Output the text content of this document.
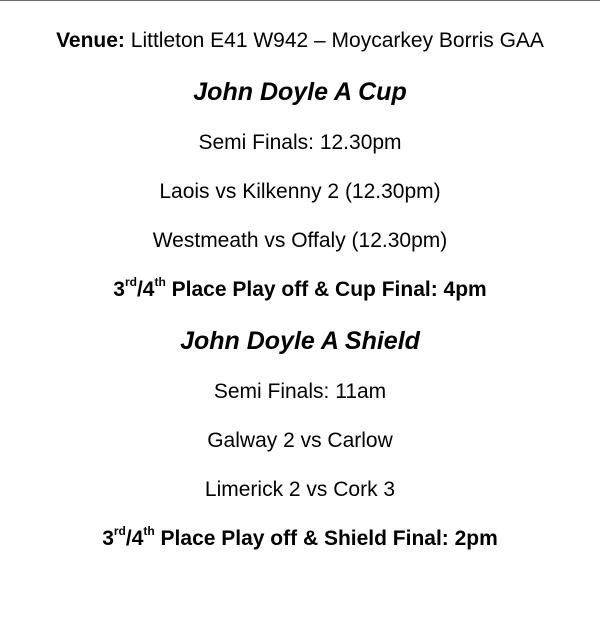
Venue: Littleton E41 W942 – Moycarkey Borris GAA
John Doyle A Cup
Semi Finals: 12.30pm
Laois vs Kilkenny 2 (12.30pm)
Westmeath vs Offaly (12.30pm)
3rd/4th Place Play off & Cup Final: 4pm
John Doyle A Shield
Semi Finals: 11am
Galway 2 vs Carlow
Limerick 2 vs Cork 3
3rd/4th Place Play off & Shield Final: 2pm
